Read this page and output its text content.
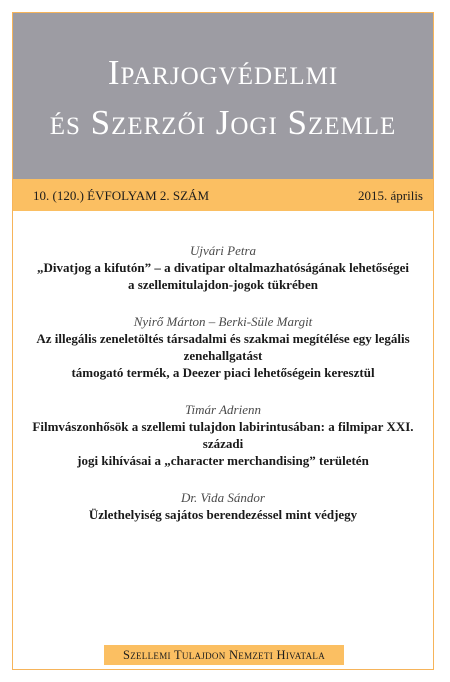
Iparjogvédelmi
és Szerzői Jogi Szemle
10. (120.) ÉVFOLYAM 2. SZÁM	2015. április
Ujvári Petra
„Divatjog a kifutón” – a divatipar oltalmazhatóságának lehetőségei
a szellemitulajdon-jogok tükrében
Nyirő Márton – Berki-Süle Margit
Az illegális zeneletöltés társadalmi és szakmai megítélése egy legális zenehallgatást
támogató termék, a Deezer piaci lehetőségein keresztül
Timár Adrienn
Filmvászonhősök a szellemi tulajdon labirintusában: a filmipar XXI. századi
jogi kihívásai a „character merchandising” területén
Dr. Vida Sándor
Üzlethelyiség sajátos berendezéssel mint védjegy
Szellemi Tulajdon Nemzeti Hivatala
